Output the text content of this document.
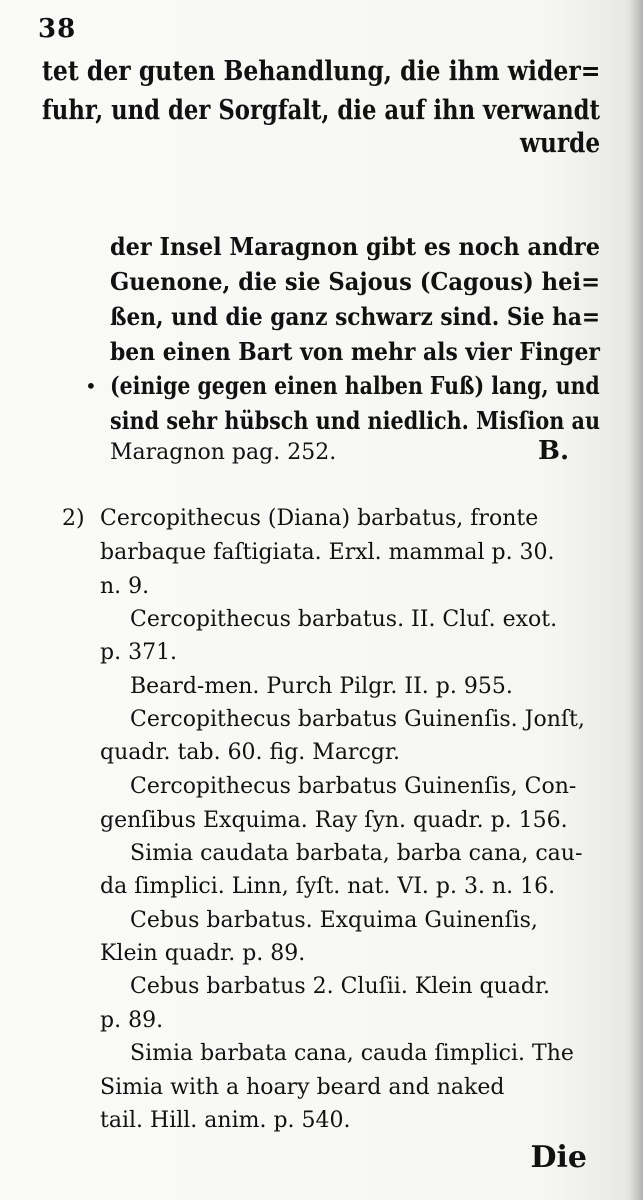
38
tet der guten Behandlung, die ihm wider=
fuhr, und der Sorgfalt, die auf ihn verwandt
wurde
der Insel Maragnon gibt es noch andre
Guenone, die sie Sajous (Cagous) hei=
ßen, und die ganz schwarz sind. Sie ha=
ben einen Bart von mehr als vier Finger
• (einige gegen einen halben Fuß) lang, und
sind sehr hübsch und niedlich. Misſion au
Maragnon pag. 252.	B.
2) Cercopithecus (Diana) barbatus, fronte
barbaque faſtigiata. Erxl. mammal p. 30.
n. 9.
Cercopithecus barbatus. II. Cluſ. exot.
p. 371.
Beard-men. Purch Pilgr. II. p. 955.
Cercopithecus barbatus Guinenſis. Jonſt,
quadr. tab. 60. fig. Marcgr.
Cercopithecus barbatus Guinenſis, Con-
genſibus Exquima. Ray ſyn. quadr. p. 156.
Simia caudata barbata, barba cana, cau-
da ſimplici. Linn, ſyſt. nat. VI. p. 3. n. 16.
Cebus barbatus. Exquima Guinenſis,
Klein quadr. p. 89.
Cebus barbatus 2. Cluſii. Klein quadr.
p. 89.
Simia barbata cana, cauda ſimplici. The
Simia with a hoary beard and naked
tail. Hill. anim. p. 540.
Die
